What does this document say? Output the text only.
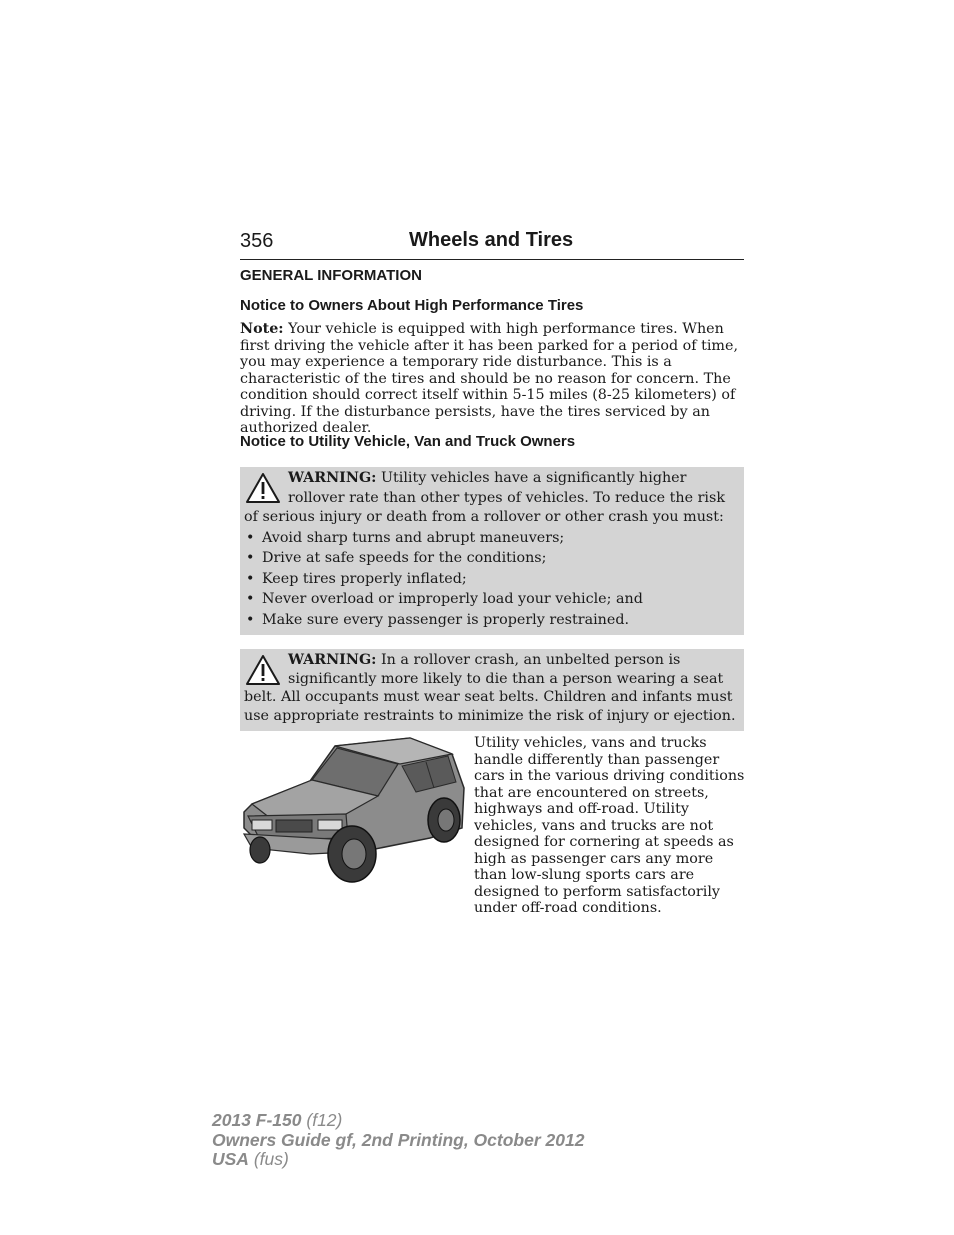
356	Wheels and Tires
GENERAL INFORMATION
Notice to Owners About High Performance Tires

Note: Your vehicle is equipped with high performance tires. When first driving the vehicle after it has been parked for a period of time, you may experience a temporary ride disturbance. This is a characteristic of the tires and should be no reason for concern. The condition should correct itself within 5-15 miles (8-25 kilometers) of driving. If the disturbance persists, have the tires serviced by an authorized dealer.

Notice to Utility Vehicle, Van and Truck Owners

WARNING: Utility vehicles have a significantly higher rollover rate than other types of vehicles. To reduce the risk of serious injury or death from a rollover or other crash you must:

• Avoid sharp turns and abrupt maneuvers;
• Drive at safe speeds for the conditions;
• Keep tires properly inflated;
• Never overload or improperly load your vehicle; and
• Make sure every passenger is properly restrained.

WARNING: In a rollover crash, an unbelted person is significantly more likely to die than a person wearing a seat belt. All occupants must wear seat belts. Children and infants must use appropriate restraints to minimize the risk of injury or ejection.

Utility vehicles, vans and trucks handle differently than passenger cars in the various driving conditions that are encountered on streets, highways and off-road. Utility vehicles, vans and trucks are not designed for cornering at speeds as high as passenger cars any more than low-slung sports cars are designed to perform satisfactorily under off-road conditions.

2013 F-150 (f12)
Owners Guide gf, 2nd Printing, October 2012
USA (fus)
